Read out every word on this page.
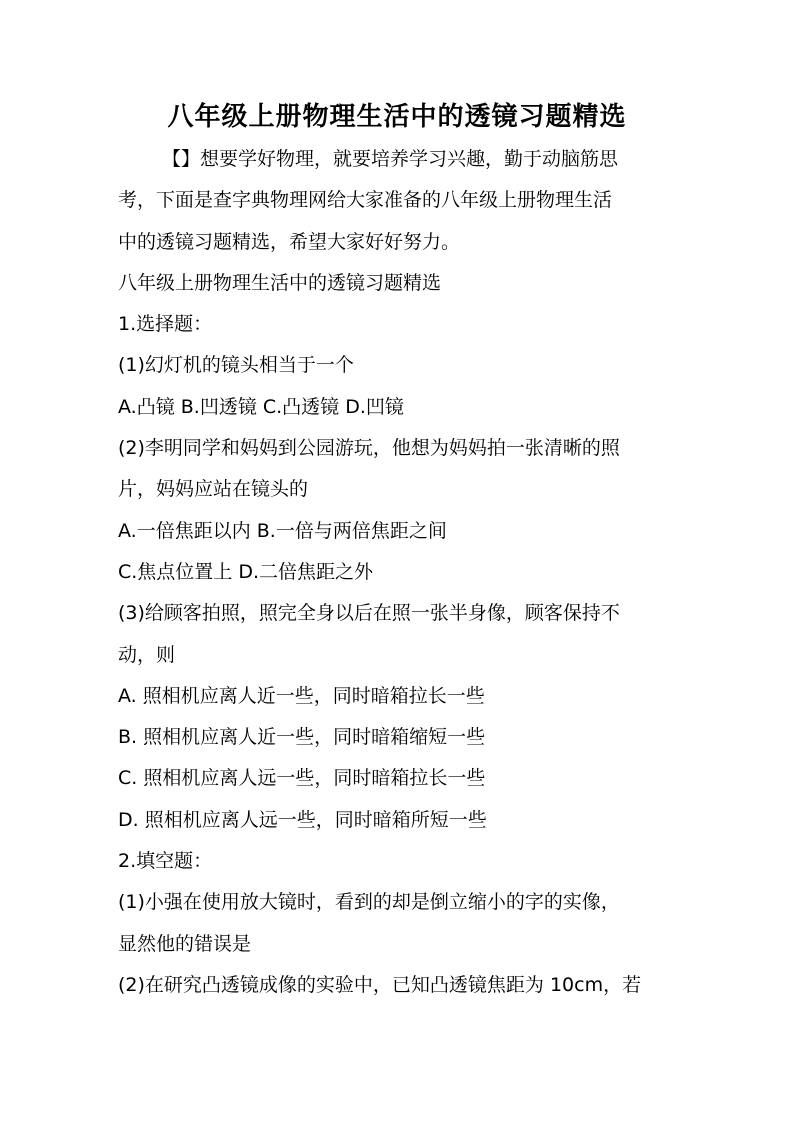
八年级上册物理生活中的透镜习题精选
【】想要学好物理，就要培养学习兴趣，勤于动脑筋思
考，下面是查字典物理网给大家准备的八年级上册物理生活
中的透镜习题精选，希望大家好好努力。
八年级上册物理生活中的透镜习题精选
1.选择题：
(1)幻灯机的镜头相当于一个
A.凸镜 B.凹透镜 C.凸透镜 D.凹镜
(2)李明同学和妈妈到公园游玩，他想为妈妈拍一张清晰的照
片，妈妈应站在镜头的
A.一倍焦距以内 B.一倍与两倍焦距之间
C.焦点位置上 D.二倍焦距之外
(3)给顾客拍照，照完全身以后在照一张半身像，顾客保持不
动，则
A. 照相机应离人近一些，同时暗箱拉长一些
B. 照相机应离人近一些，同时暗箱缩短一些
C. 照相机应离人远一些，同时暗箱拉长一些
D. 照相机应离人远一些，同时暗箱所短一些
2.填空题：
(1)小强在使用放大镜时，看到的却是倒立缩小的字的实像，
显然他的错误是
(2)在研究凸透镜成像的实验中，已知凸透镜焦距为 10cm，若
